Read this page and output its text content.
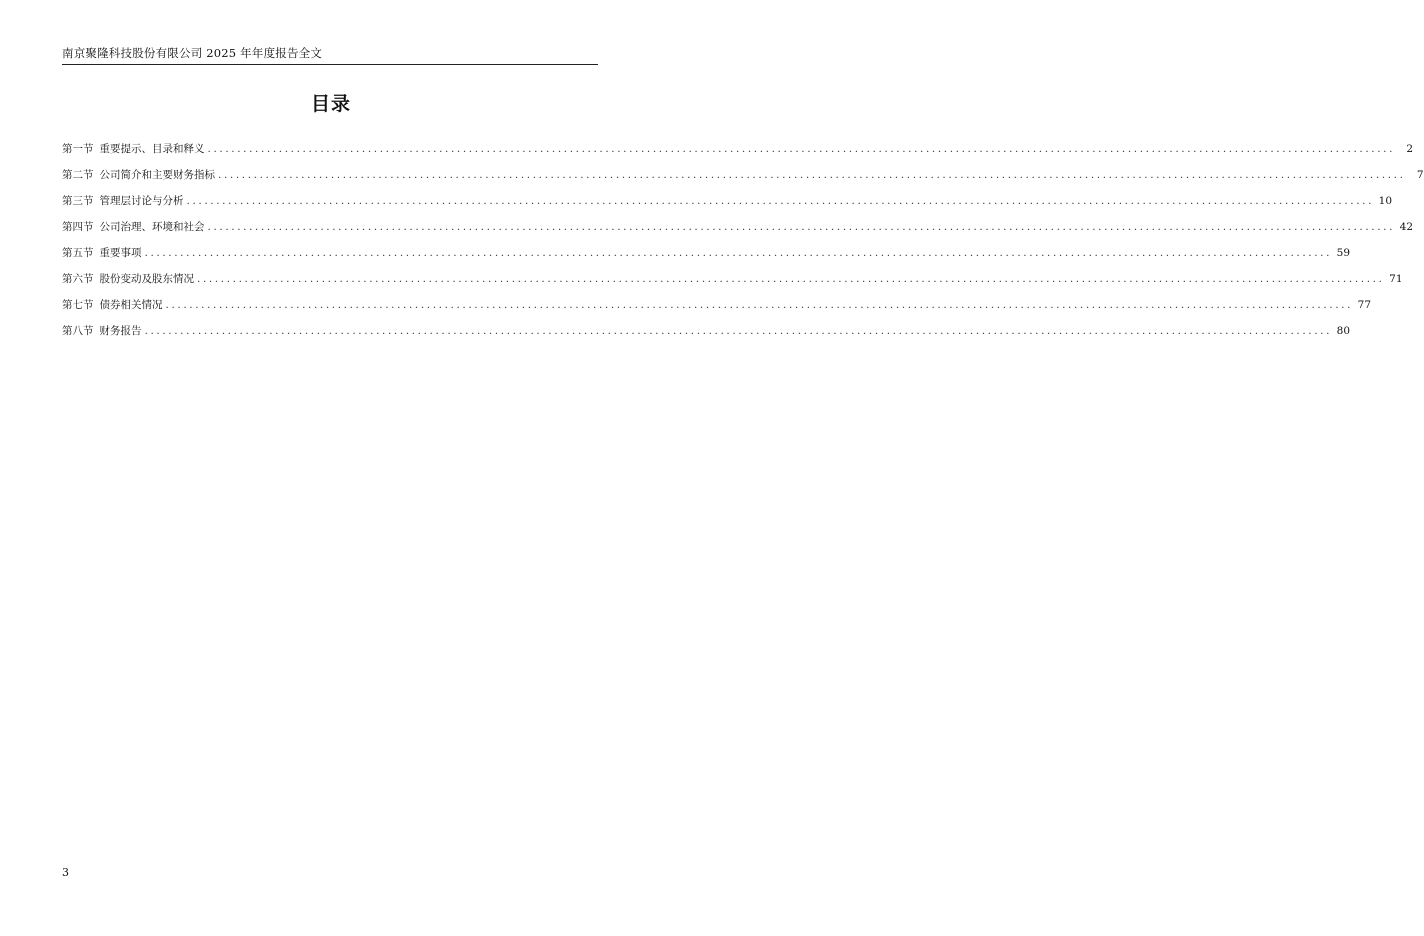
南京聚隆科技股份有限公司 2025 年年度报告全文
目录
第一节 重要提示、目录和释义 ........................................................................................................................................................................................................	2
第二节 公司简介和主要财务指标 ........................................................................................................................................................................................................	7
第三节 管理层讨论与分析 ........................................................................................................................................................................................................ 10
第四节 公司治理、环境和社会 ........................................................................................................................................................................................................ 42
第五节 重要事项 ........................................................................................................................................................................................................ 59
第六节 股份变动及股东情况 ........................................................................................................................................................................................................ 71
第七节 债券相关情况 ........................................................................................................................................................................................................ 77
第八节 财务报告 ........................................................................................................................................................................................................ 80
3
